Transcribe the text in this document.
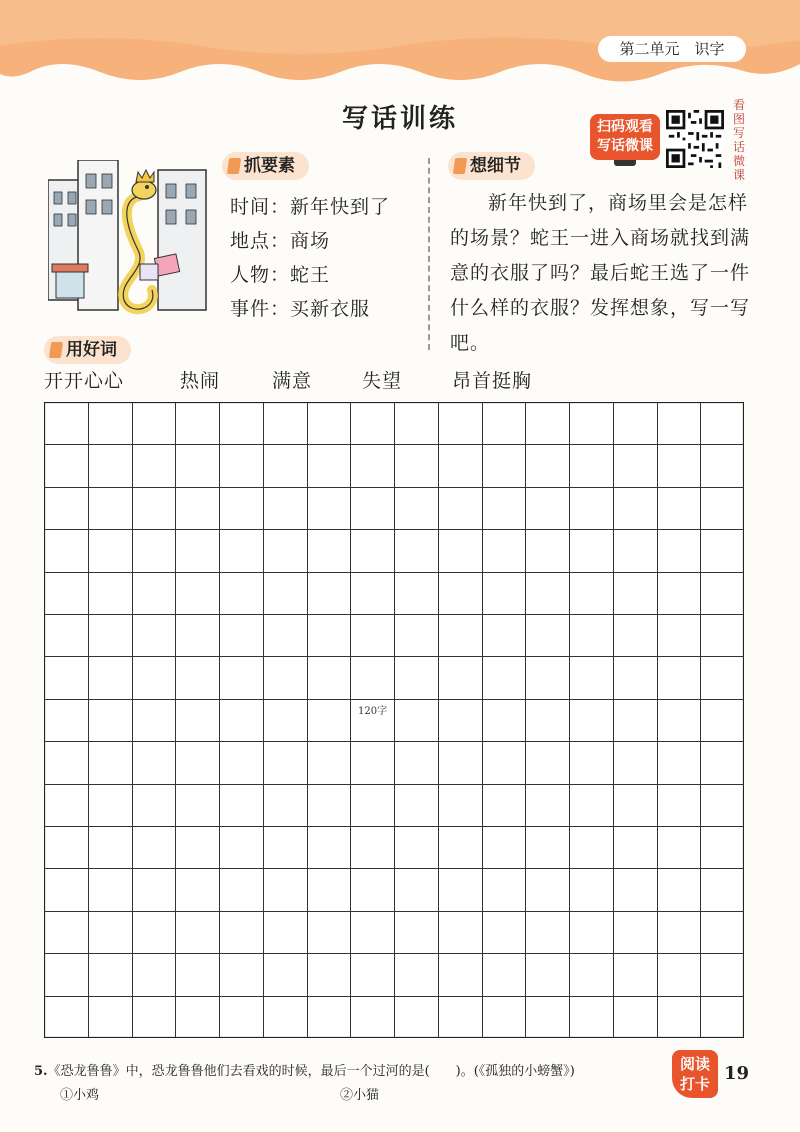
第二单元　识字
写话训练	扫码观看
写话微课
看图写话微课
抓要素	想细节
用好词
时间：新年快到了
地点：商场
人物：蛇王
事件：买新衣服
新年快到了，商场里会是怎样的场景？蛇王一进入商场就找到满意的衣服了吗？最后蛇王选了一件什么样的衣服？发挥想象，写一写吧。
开开心心	热闹	满意	失望	昂首挺胸
120字
5.《恐龙鲁鲁》中，恐龙鲁鲁他们去看戏的时候，最后一个过河的是(　　)。(《孤独的小螃蟹》)
①小鸡	②小猫
阅读
打卡 19
